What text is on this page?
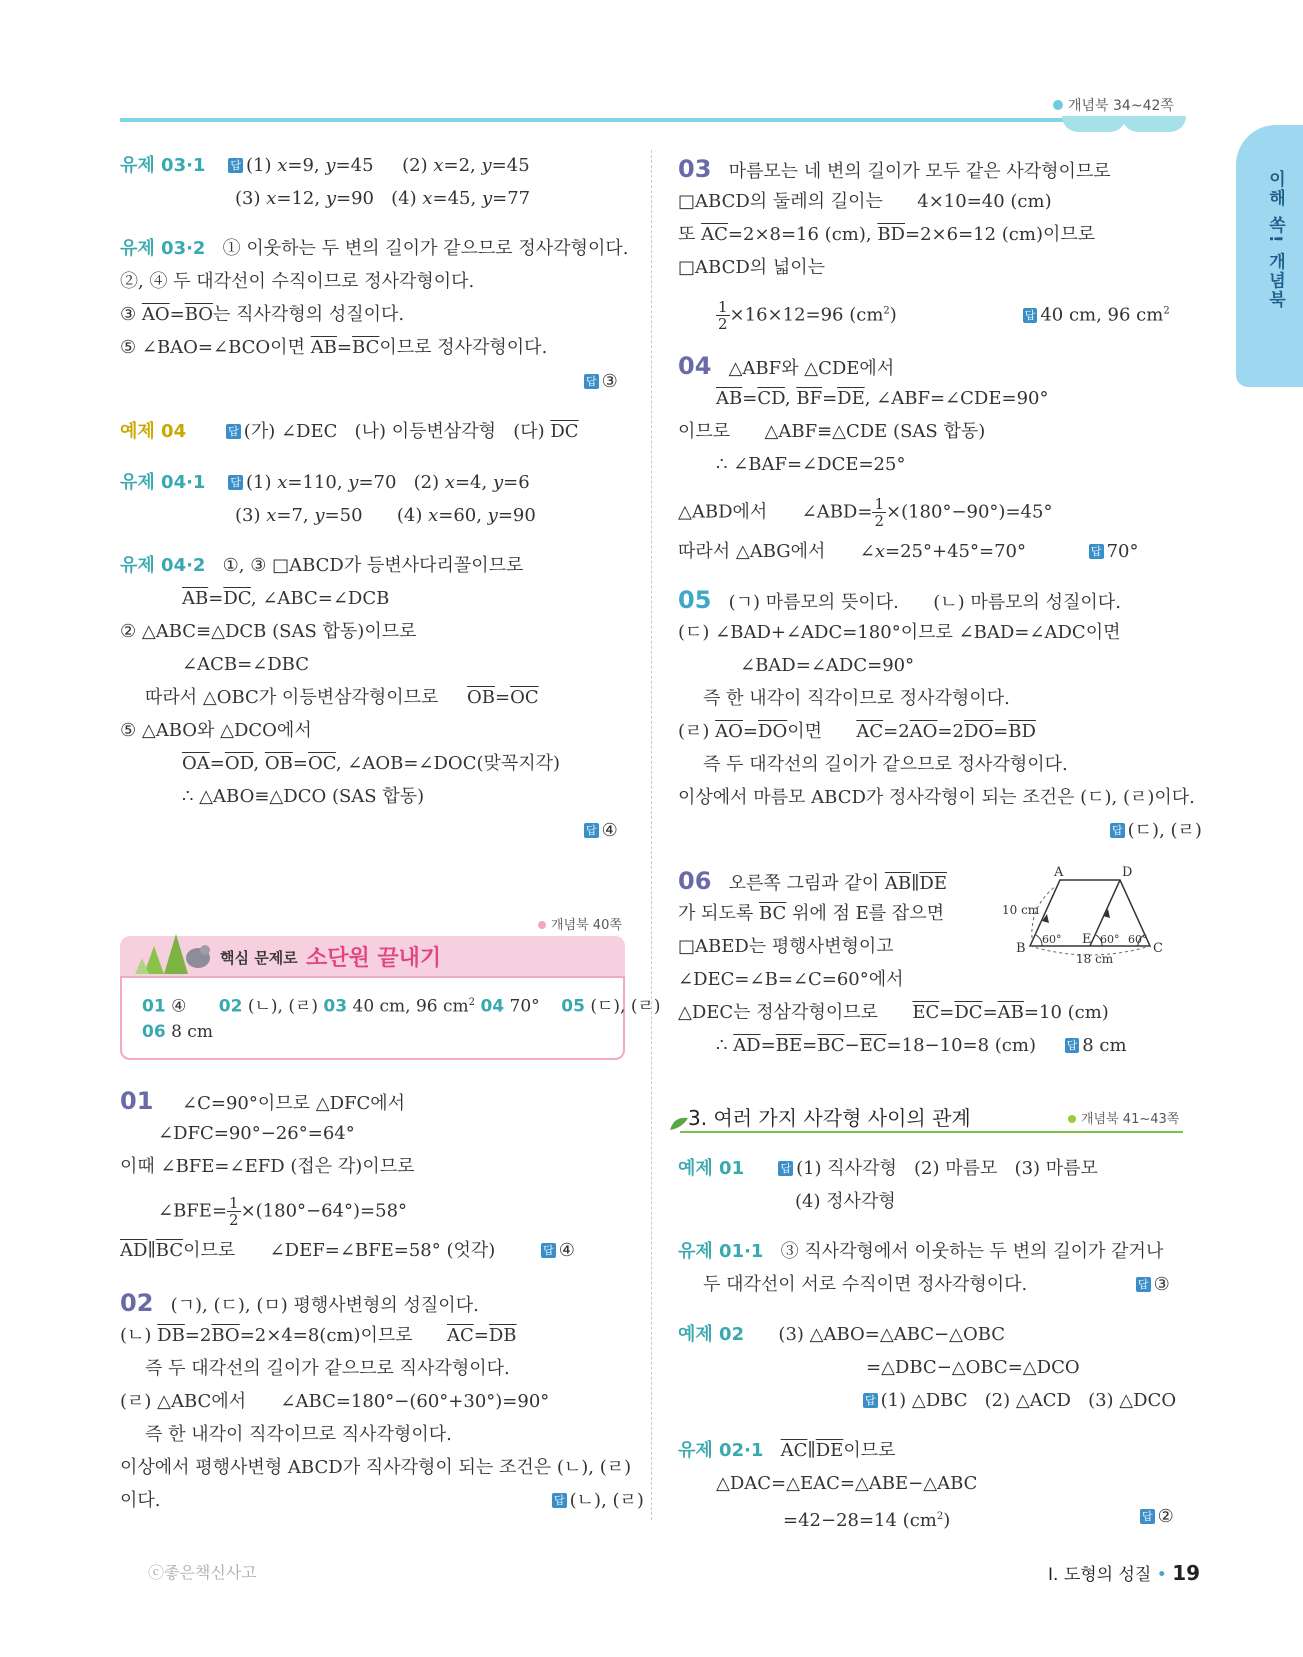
개념북 34~42쪽
이해 쏙! 개념북
유제 03·1 답 (1) x=9, y=45     (2) x=2, y=45
(3) x=12, y=90   (4) x=45, y=77
유제 03·2   ① 이웃하는 두 변의 길이가 같으므로 정사각형이다.
②, ④ 두 대각선이 수직이므로 정사각형이다.
③ $\overline{AO}=\overline{BO}$는 직사각형의 성질이다.
⑤ ∠BAO=∠BCO이면 $\overline{AB}=\overline{BC}$이므로 정사각형이다.
답 ③
예제 04	답 (가) ∠DEC   (나) 이등변삼각형   (다) $\overline{DC}$
유제 04·1 답 (1) x=110, y=70   (2) x=4, y=6
(3) x=7, y=50      (4) x=60, y=90
유제 04·2   ①, ③ □ABCD가 등변사다리꼴이므로
$\overline{AB}=\overline{DC}$, ∠ABC=∠DCB
② △ABC≡△DCB (SAS 합동)이므로
∠ACB=∠DBC
따라서 △OBC가 이등변삼각형이므로     $\overline{OB}=\overline{OC}$
⑤ △ABO와 △DCO에서
$\overline{OA}=\overline{OD}$, $\overline{OB}=\overline{OC}$, ∠AOB=∠DOC(맞꼭지각)
∴ △ABO≡△DCO (SAS 합동)
답 ④
개념북 40쪽
핵심 문제로 소단원 끝내기
01 ④      02 (ㄴ), (ㄹ) 03 40 cm, 96 $cm^2$ 04 70°    05 (ㄷ), (ㄹ)
06 8 cm
01     ∠C=90°이므로 △DFC에서
∠DFC=90°−26°=64°
이때 ∠BFE=∠EFD (접은 각)이므로
∠BFE= $\frac{1}{2} \times(180^\circ-64^\circ)=58^\circ$
$\overline{AD}\parallel\overline{BC}$이므로      ∠DEF=∠BFE=58° (엇각)        답 ④
02   (ㄱ), (ㄷ), (ㅁ) 평행사변형의 성질이다.
(ㄴ) $\overline{DB}=2\overline{BO}=2\times 4=8(cm)$이므로      $\overline{AC}=\overline{DB}$
즉 두 대각선의 길이가 같으므로 직사각형이다.
(ㄹ) △ABC에서      ∠ABC=180°−(60°+30°)=90°
즉 한 내각이 직각이므로 직사각형이다.
이상에서 평행사변형 ABCD가 직사각형이 되는 조건은 (ㄴ), (ㄹ)
이다.	답 (ㄴ), (ㄹ)
03   마름모는 네 변의 길이가 모두 같은 사각형이므로
□ABCD의 둘레의 길이는      4×10=40 (cm)
또 $\overline{AC}=2\times 8=16$ (cm), $\overline{BD}=2\times 6=12$ (cm)이므로
□ABCD의 넓이는
$\frac{1}{2} \times 16\times 12=96$ $(cm^2)$                      답 40 cm, 96 $cm^2$
04   △ABF와 △CDE에서
$\overline{AB}=\overline{CD}$, $\overline{BF}=\overline{DE}$, ∠ABF=∠CDE=90°
이므로      △ABF≡△CDE (SAS 합동)
∴ ∠BAF=∠DCE=25°
△ABD에서      ∠ABD= $\frac{1}{2} \times(180^\circ-90^\circ)=45^\circ$
따라서 △ABG에서      ∠x=25°+45°=70°           답 70°
05   (ㄱ) 마름모의 뜻이다.      (ㄴ) 마름모의 성질이다.
(ㄷ) ∠BAD+∠ADC=180°이므로 ∠BAD=∠ADC이면
∠BAD=∠ADC=90°
즉 한 내각이 직각이므로 정사각형이다.
(ㄹ) $\overline{AO}=\overline{DO}$이면      $\overline{AC}=2\overline{AO}=2\overline{DO}=\overline{BD}$
즉 두 대각선의 길이가 같으므로 정사각형이다.
이상에서 마름모 ABCD가 정사각형이 되는 조건은 (ㄷ), (ㄹ)이다.
답 (ㄷ), (ㄹ)
06   오른쪽 그림과 같이 $\overline{AB}\parallel\overline{DE}$
가 되도록 $\overline{BC}$ 위에 점 E를 잡으면
□ABED는 평행사변형이고
∠DEC=∠B=∠C=60°에서
△DEC는 정삼각형이므로      $\overline{EC}=\overline{DC}=\overline{AB}=10$ (cm)
∴ $\overline{AD}=\overline{BE}=\overline{BC}-\overline{EC}=18-10=8$ (cm)     답 8 cm
A	D
B	C
E
10 cm
18 cm
60°	60° 60°
3. 여러 가지 사각형 사이의 관계	개념북 41~43쪽
예제 01	답 (1) 직사각형   (2) 마름모   (3) 마름모
(4) 정사각형
유제 01·1   ③ 직사각형에서 이웃하는 두 변의 길이가 같거나
두 대각선이 서로 수직이면 정사각형이다.                   답 ③
예제 02      (3) △ABO=△ABC−△OBC
=△DBC−△OBC=△DCO
답 (1) △DBC   (2) △ACD   (3) △DCO
유제 02·1 $\overline{AC}\parallel\overline{DE}$이므로
△DAC=△EAC=△ABE−△ABC
=42−28=14 $(cm^2)$	답 ②
ⓒ좋은책신사고	Ⅰ. 도형의 성질 • 19
